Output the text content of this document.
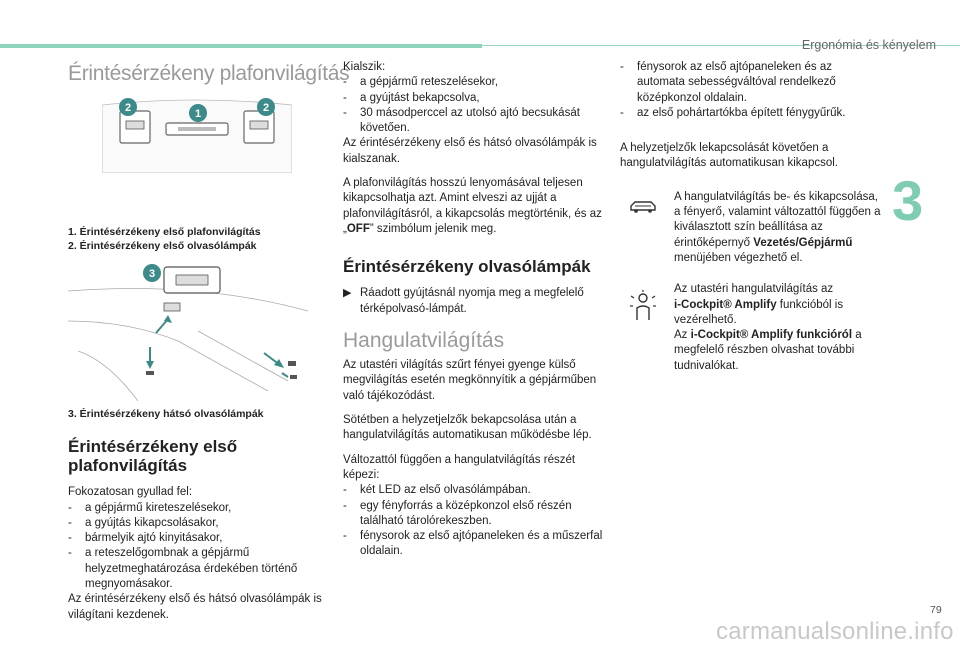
Ergonómia és kényelem
3
79
carmanualsonline.info
Érintésérzékeny plafonvilágítás
2	1	2
1. Érintésérzékeny első plafonvilágítás
2. Érintésérzékeny első olvasólámpák
3
3. Érintésérzékeny hátsó olvasólámpák
Érintésérzékeny első
plafonvilágítás
Fokozatosan gyullad fel:
- a gépjármű kireteszelésekor,
- a gyújtás kikapcsolásakor,
- bármelyik ajtó kinyitásakor,
- a reteszelőgombnak a gépjármű helyzetmeghatározása érdekében történő megnyomásakor.

Az érintésérzékeny első és hátsó olvasólámpák is világítani kezdenek.

Kialszik:
- a gépjármű reteszelésekor,
- a gyújtást bekapcsolva,
- 30 másodperccel az utolsó ajtó becsukását követően.

Az érintésérzékeny első és hátsó olvasólámpák is kialszanak.

A plafonvilágítás hosszú lenyomásával teljesen kikapcsolhatja azt. Amint elveszi az ujját a plafonvilágításról, a kikapcsolás megtörténik, és az „OFF” szimbólum jelenik meg.

Érintésérzékeny olvasólámpák
▶ Ráadott gyújtásnál nyomja meg a megfelelő térképolvasó-lámpát.
Hangulatvilágítás

Az utastéri világítás szűrt fényei gyenge külső megvilágítás esetén megkönnyítik a gépjárműben való tájékozódást.

Sötétben a helyzetjelzők bekapcsolása után a hangulatvilágítás automatikusan működésbe lép.

Változattól függően a hangulatvilágítás részét képezi:

- két LED az első olvasólámpában.
- egy fényforrás a középkonzol első részén található tárolórekeszben.
- fénysorok az első ajtópaneleken és a műszerfal oldalain.
- fénysorok az első ajtópaneleken és az automata sebességváltóval rendelkező középkonzol oldalain.
- az első pohártartókba épített fénygyűrűk.

A helyzetjelzők lekapcsolását követően a hangulatvilágítás automatikusan kikapcsol.

A hangulatvilágítás be- és kikapcsolása, a fényerő, valamint változattól függően a kiválasztott szín beállítása az érintőképernyő Vezetés/Gépjármű menüjében végezhető el.
Az utastéri hangulatvilágítás az
i-Cockpit® Amplify funkcióból is vezérelhető.
Az i-Cockpit® Amplify funkcióról a megfelelő részben olvashat további tudnivalókat.
